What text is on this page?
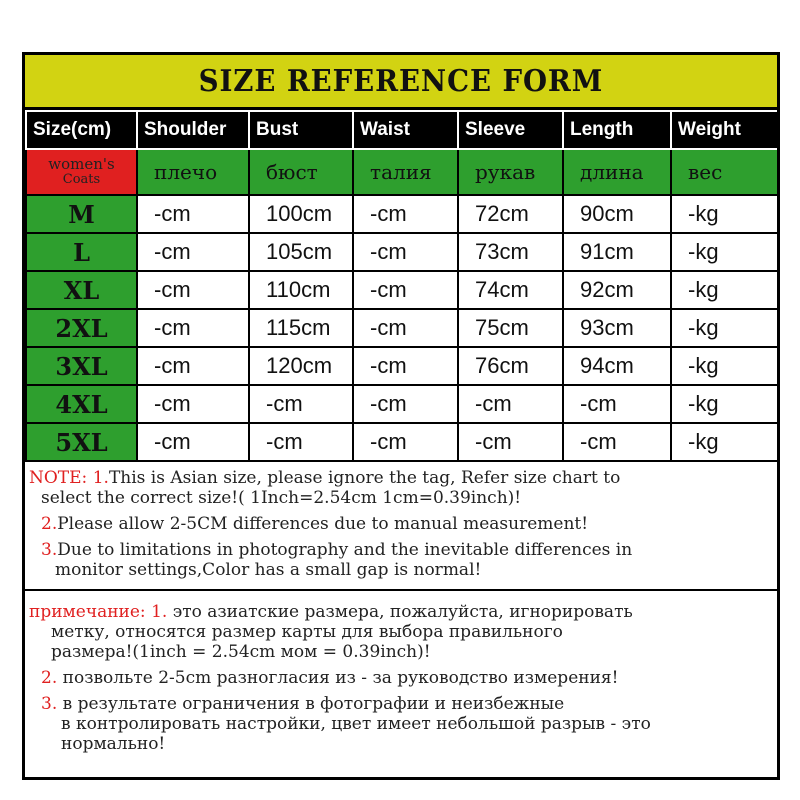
SIZE REFERENCE FORM
Size(cm)	Shoulder	Bust	Waist	Sleeve	Length	Weight

women's
Coats	плечо	бюст	талия	рукав	длина	вес
M	-cm	100cm	-cm	72cm	90cm	-kg
L	-cm	105cm	-cm	73cm	91cm	-kg
XL	-cm	110cm	-cm	74cm	92cm	-kg
2XL	-cm	115cm	-cm	75cm	93cm	-kg
3XL	-cm	120cm	-cm	76cm	94cm	-kg
4XL	-cm	-cm	-cm	-cm	-cm	-kg
5XL	-cm	-cm	-cm	-cm	-cm	-kg
NOTE: 1.This is Asian size, please ignore the tag, Refer size chart to
select the correct size!( 1Inch=2.54cm 1cm=0.39inch)!
2.Please allow 2-5CM differences due to manual measurement!
3.Due to limitations in photography and the inevitable differences in
monitor settings,Color has a small gap is normal!
примечание: 1. это азиатские размера, пожалуйста, игнорировать
метку, относятся размер карты для выбора правильного
размера!(1inch = 2.54cm мом = 0.39inch)!
2. позвольте 2-5cm разногласия из - за руководство измерения!
3. в результате ограничения в фотографии и неизбежные
в контролировать настройки, цвет имеет небольшой разрыв - это
нормально!
